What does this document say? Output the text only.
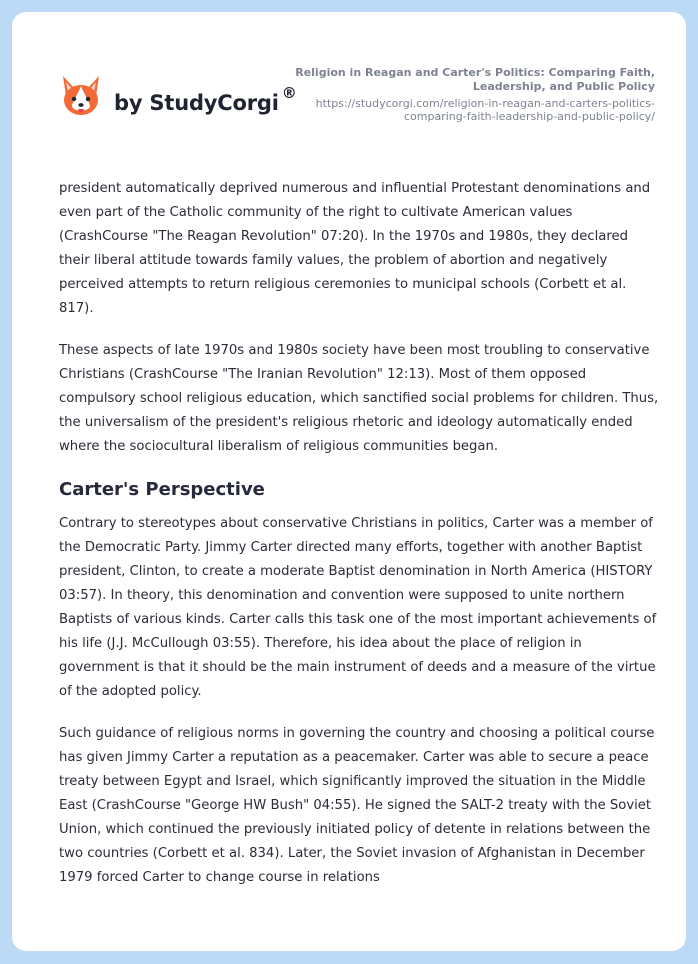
by StudyCorgi ®
Religion in Reagan and Carter's Politics: Comparing Faith, Leadership, and Public Policy
https://studycorgi.com/religion-in-reagan-and-carters-politics-comparing-faith-leadership-and-public-policy/

president automatically deprived numerous and influential Protestant denominations and even part of the Catholic community of the right to cultivate American values (CrashCourse "The Reagan Revolution" 07:20). In the 1970s and 1980s, they declared their liberal attitude towards family values, the problem of abortion and negatively perceived attempts to return religious ceremonies to municipal schools (Corbett et al. 817).

These aspects of late 1970s and 1980s society have been most troubling to conservative Christians (CrashCourse "The Iranian Revolution" 12:13). Most of them opposed compulsory school religious education, which sanctified social problems for children. Thus, the universalism of the president's religious rhetoric and ideology automatically ended where the sociocultural liberalism of religious communities began.

Carter's Perspective

Contrary to stereotypes about conservative Christians in politics, Carter was a member of the Democratic Party. Jimmy Carter directed many efforts, together with another Baptist president, Clinton, to create a moderate Baptist denomination in North America (HISTORY 03:57). In theory, this denomination and convention were supposed to unite northern Baptists of various kinds. Carter calls this task one of the most important achievements of his life (J.J. McCullough 03:55). Therefore, his idea about the place of religion in government is that it should be the main instrument of deeds and a measure of the virtue of the adopted policy.

Such guidance of religious norms in governing the country and choosing a political course has given Jimmy Carter a reputation as a peacemaker. Carter was able to secure a peace treaty between Egypt and Israel, which significantly improved the situation in the Middle East (CrashCourse "George HW Bush" 04:55). He signed the SALT-2 treaty with the Soviet Union, which continued the previously initiated policy of detente in relations between the two countries (Corbett et al. 834). Later, the Soviet invasion of Afghanistan in December 1979 forced Carter to change course in relations
